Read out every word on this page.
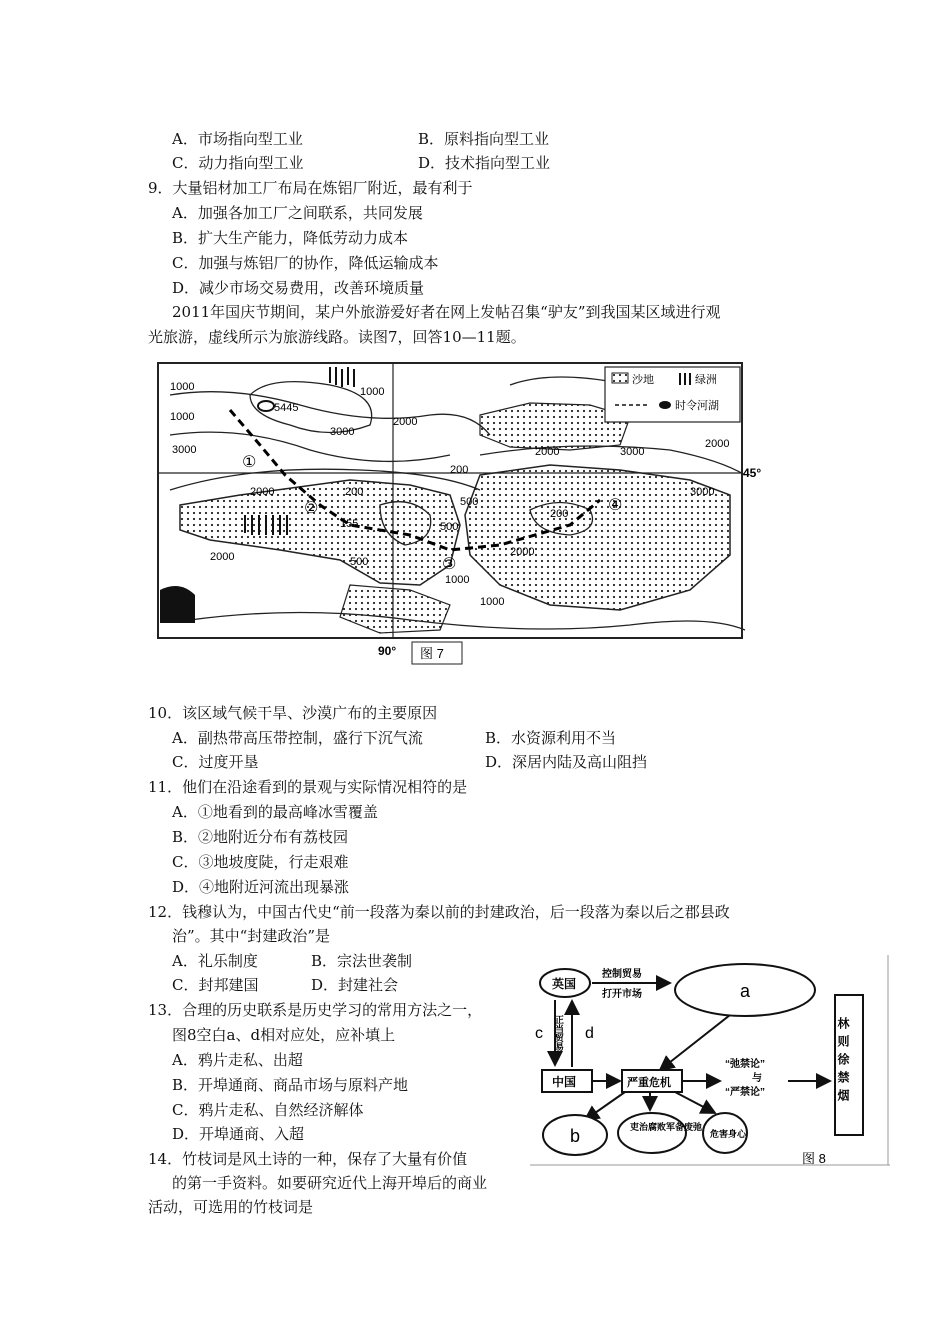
A．市场指向型工业	B．原料指向型工业
C．动力指向型工业	D．技术指向型工业
9．大量铝材加工厂布局在炼铝厂附近，最有利于
A．加强各加工厂之间联系，共同发展
B．扩大生产能力，降低劳动力成本
C．加强与炼铝厂的协作，降低运输成本
D．减少市场交易费用，改善环境质量
2011年国庆节期间，某户外旅游爱好者在网上发帖召集“驴友”到我国某区域进行观
光旅游，虚线所示为旅游线路。读图7，回答10—11题。
沙地	绿洲
时令河湖
1000
1000
5445
3000
2000
1000
3000	2000	3000
2000
200
2000	3000
200
500
155
500
1000
2000
200
2000
500
1000
①
②
③
④
45°
90° 图 7
10．该区域气候干旱、沙漠广布的主要原因
A．副热带高压带控制，盛行下沉气流	B．水资源利用不当
C．过度开垦	D．深居内陆及高山阻挡
11．他们在沿途看到的景观与实际情况相符的是
A．①地看到的最高峰冰雪覆盖
B．②地附近分布有荔枝园
C．③地坡度陡，行走艰难
D．④地附近河流出现暴涨
12．钱穆认为，中国古代史“前一段落为秦以前的封建政治，后一段落为秦以后之郡县政
治”。其中“封建政治”是
A．礼乐制度	B．宗法世袭制
C．封邦建国	D．封建社会
13．合理的历史联系是历史学习的常用方法之一，
图8空白a、d相对应处，应补填上
A．鸦片走私、出超
B．开埠通商、商品市场与原料产地
C．鸦片走私、自然经济解体
D．开埠通商、入超
英国
控制贸易
打开市场	a
c	d
正当贸易
中国	严重危机
“弛禁论”
与
“严禁论”	林则徐禁烟
b	吏治腐败军备废弛
危害身心
图 8
14．竹枝词是风土诗的一种，保存了大量有价值
的第一手资料。如要研究近代上海开埠后的商业
活动，可选用的竹枝词是
